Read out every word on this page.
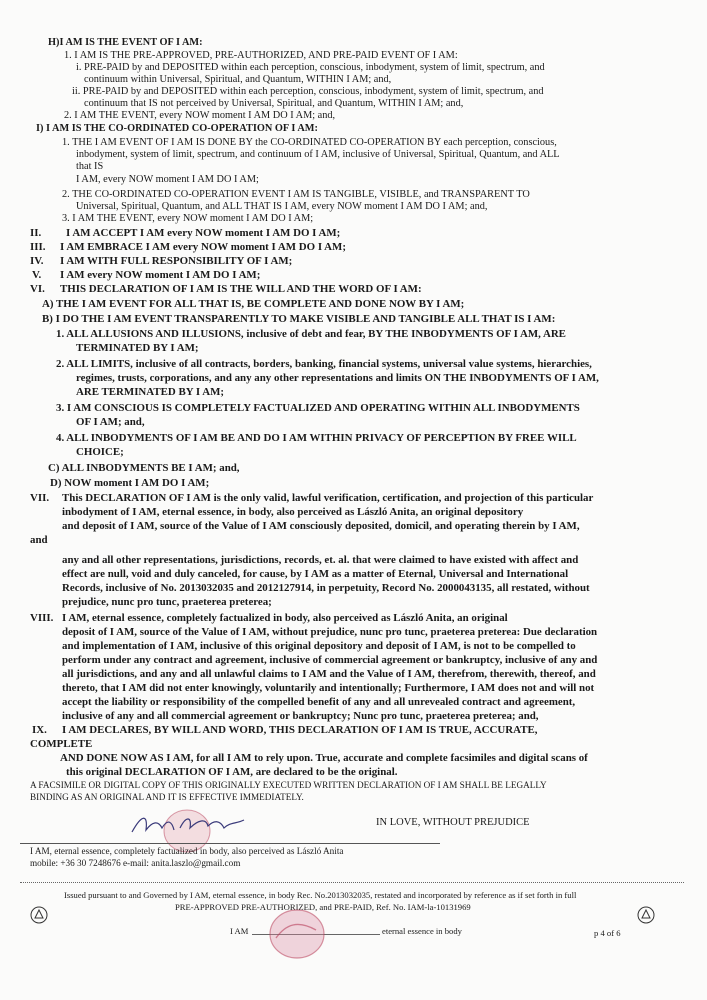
H)I AM IS THE EVENT OF I AM:
1. I AM IS THE PRE-APPROVED, PRE-AUTHORIZED, AND PRE-PAID EVENT OF I AM:
i. PRE-PAID by and DEPOSITED within each perception, conscious, inbodyment, system of limit, spectrum, and
continuum within Universal, Spiritual, and Quantum, WITHIN I AM; and,
ii. PRE-PAID by and DEPOSITED within each perception, conscious, inbodyment, system of limit, spectrum, and
continuum that IS not perceived by Universal, Spiritual, and Quantum, WITHIN I AM; and,
2. I AM THE EVENT, every NOW moment I AM DO I AM; and,
I) I AM IS THE CO-ORDINATED CO-OPERATION OF I AM:
1. THE I AM EVENT OF I AM IS DONE BY the CO-ORDINATED CO-OPERATION BY each perception, conscious,
inbodyment, system of limit, spectrum, and continuum of I AM, inclusive of Universal, Spiritual, Quantum, and ALL
that IS
I AM, every NOW moment I AM DO I AM;
2. THE CO-ORDINATED CO-OPERATION EVENT I AM IS TANGIBLE, VISIBLE, and TRANSPARENT TO
Universal, Spiritual, Quantum, and ALL THAT IS I AM, every NOW moment I AM DO I AM; and,
3. I AM THE EVENT, every NOW moment I AM DO I AM;
II. I AM ACCEPT I AM every NOW moment I AM DO I AM;
III. I AM EMBRACE I AM every NOW moment I AM DO I AM;
IV. I AM WITH FULL RESPONSIBILITY OF I AM;
V. I AM every NOW moment I AM DO I AM;
VI. THIS DECLARATION OF I AM IS THE WILL AND THE WORD OF I AM:
A) THE I AM EVENT FOR ALL THAT IS, BE COMPLETE AND DONE NOW BY I AM;
B) I DO THE I AM EVENT TRANSPARENTLY TO MAKE VISIBLE AND TANGIBLE ALL THAT IS I AM:
1. ALL ALLUSIONS AND ILLUSIONS, inclusive of debt and fear, BY THE INBODYMENTS OF I AM, ARE
TERMINATED BY I AM;
2. ALL LIMITS, inclusive of all contracts, borders, banking, financial systems, universal value systems, hierarchies,
regimes, trusts, corporations, and any any other representations and limits ON THE INBODYMENTS OF I AM,
ARE TERMINATED BY I AM;
3. I AM CONSCIOUS IS COMPLETELY FACTUALIZED AND OPERATING WITHIN ALL INBODYMENTS
OF I AM; and,
4. ALL INBODYMENTS OF I AM BE AND DO I AM WITHIN PRIVACY OF PERCEPTION BY FREE WILL
CHOICE;
C) ALL INBODYMENTS BE I AM; and,
D) NOW moment I AM DO I AM;
VII. This DECLARATION OF I AM is the only valid, lawful verification, certification, and projection of this particular
inbodyment of I AM, eternal essence, in body, also perceived as László Anita, an original depository
and deposit of I AM, source of the Value of I AM consciously deposited, domicil, and operating therein by I AM,
and
any and all other representations, jurisdictions, records, et. al. that were claimed to have existed with affect and
effect are null, void and duly canceled, for cause, by I AM as a matter of Eternal, Universal and International
Records, inclusive of No. 2013032035 and 2012127914, in perpetuity, Record No. 2000043135, all restated, without
prejudice, nunc pro tunc, praeterea preterea;
VIII. I AM, eternal essence, completely factualized in body, also perceived as László Anita, an original
deposit of I AM, source of the Value of I AM, without prejudice, nunc pro tunc, praeterea preterea: Due declaration
and implementation of I AM, inclusive of this original depository and deposit of I AM, is not to be compelled to
perform under any contract and agreement, inclusive of commercial agreement or bankruptcy, inclusive of any and
all jurisdictions, and any and all unlawful claims to I AM and the Value of I AM, therefrom, therewith, thereof, and
thereto, that I AM did not enter knowingly, voluntarily and intentionally; Furthermore, I AM does not and will not
accept the liability or responsibility of the compelled benefit of any and all unrevealed contract and agreement,
inclusive of any and all commercial agreement or bankruptcy; Nunc pro tunc, praeterea preterea; and,
IX. I AM DECLARES, BY WILL AND WORD, THIS DECLARATION OF I AM IS TRUE, ACCURATE,
COMPLETE
AND DONE NOW AS I AM, for all I AM to rely upon. True, accurate and complete facsimiles and digital scans of
this original DECLARATION OF I AM, are declared to be the original.
A FACSIMILE OR DIGITAL COPY OF THIS ORIGINALLY EXECUTED WRITTEN DECLARATION OF I AM SHALL BE LEGALLY
BINDING AS AN ORIGINAL AND IT IS EFFECTIVE IMMEDIATELY.
IN LOVE, WITHOUT PREJUDICE
I AM, eternal essence, completely factualized in body, also perceived as László Anita
mobile: +36 30 7248676 e-mail: anita.laszlo@gmail.com
Issued pursuant to and Governed by I AM, eternal essence, in body Rec. No.2013032035, restated and incorporated by reference as if set forth in full
PRE-APPROVED PRE-AUTHORIZED, and PRE-PAID, Ref. No. IAM-la-10131969
I AM	eternal essence in body	p 4 of 6
